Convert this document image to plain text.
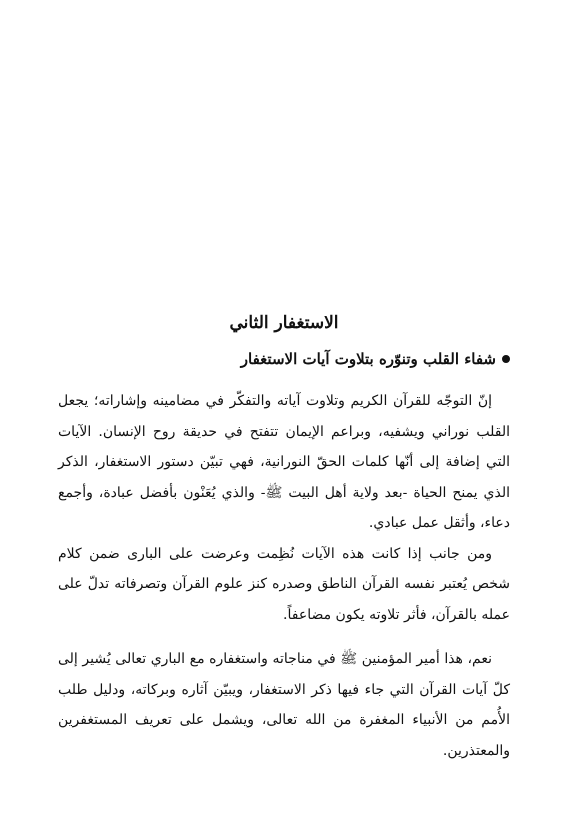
الاستغفار الثاني
شفاء القلب وتنوّره بتلاوت آيات الاستغفار

إنّ التوجّه للقرآن الكريم وتلاوت آياته والتفكّر في مضامينه وإشاراته؛ يجعل القلب نوراني ويشفيه، وبراعم الإيمان تتفتح في حديقة روح الإنسان. الآيات التي إضافة إلى أنّها كلمات الحقّ النورانية، فهي تبيّن دستور الاستغفار، الذكر الذي يمنح الحياة -بعد ولاية أهل البيت ﷺ- والذي يُعَنْون بأفضل عبادة، وأجمع دعاء، وأثقل عمل عبادي.

ومن جانب إذا كانت هذه الآيات نُظِمت وعرضت على البارى ضمن كلام شخص يُعتبر نفسه القرآن الناطق وصدره كنز علوم القرآن وتصرفاته تدلّ على عمله بالقرآن، فأثر تلاوته يكون مضاعفاً.

نعم، هذا أمير المؤمنين ﷺ في مناجاته واستغفاره مع الباري تعالى يُشير إلى كلّ آيات القرآن التي جاء فيها ذكر الاستغفار، ويبيّن آثاره وبركاته، ودليل طلب الأُمم من الأنبياء المغفرة من الله تعالى، ويشمل على تعريف المستغفرين والمعتذرين.
